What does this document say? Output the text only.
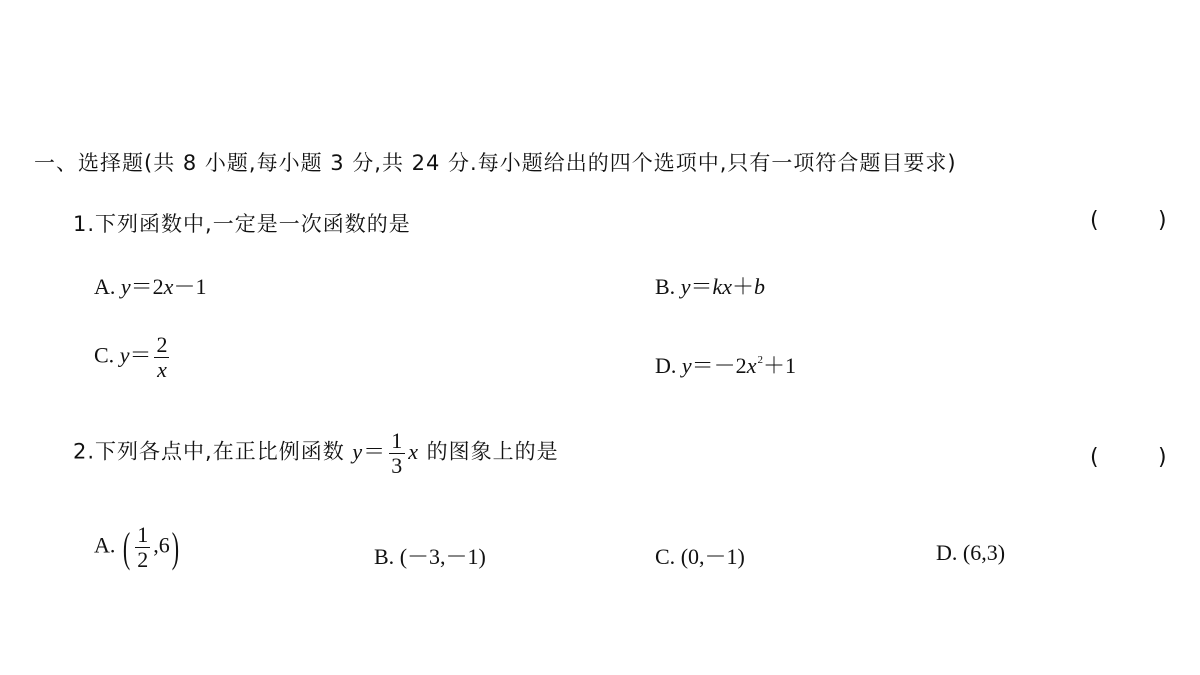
一、选择题(共 8 小题,每小题 3 分,共 24 分.每小题给出的四个选项中,只有一项符合题目要求)
1.下列函数中,一定是一次函数的是	(	)
A. y＝2x－1	B. y＝kx＋b
C. $y= \frac{2}{x}$	D. $y=-2x^2+1$
2.下列各点中,在正比例函数 $y= \frac{1}{3}$ x 的图象上的是	(	)
A. ( $\frac{1}{2} ,6$)	B. (－3,－1)	C. (0,－1)	D. (6,3)
